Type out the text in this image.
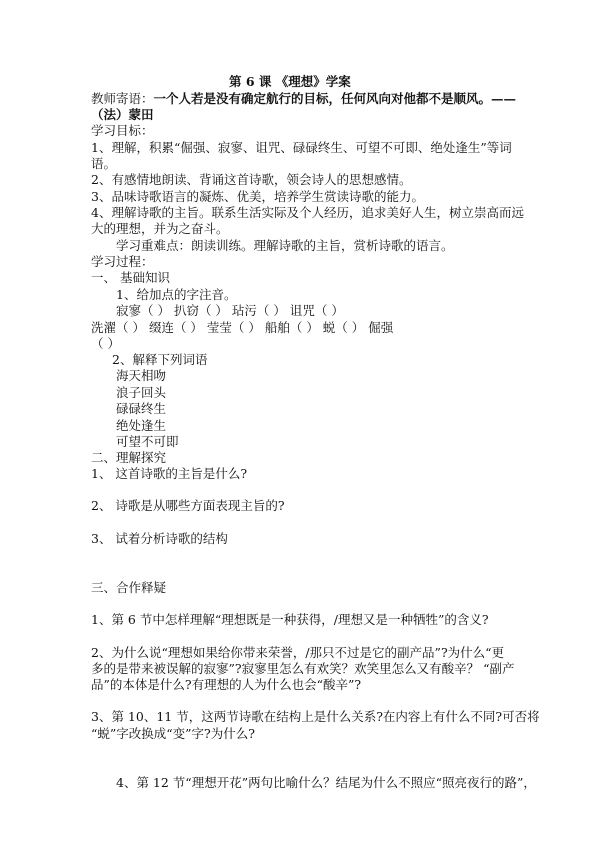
第 6 课 《理想》学案
教师寄语：一个人若是没有确定航行的目标，任何风向对他都不是顺风。——
（法）蒙田
学习目标：
1、理解，积累“倔强、寂寥、诅咒、碌碌终生、可望不可即、绝处逢生”等词
语。
2、有感情地朗读、背诵这首诗歌，领会诗人的思想感情。
3、品味诗歌语言的凝炼、优美，培养学生赏读诗歌的能力。
4、理解诗歌的主旨。联系生活实际及个人经历，追求美好人生，树立崇高而远
大的理想，并为之奋斗。
学习重难点：朗读训练。理解诗歌的主旨，赏析诗歌的语言。
学习过程：
一、 基础知识
1、给加点的字注音。
寂寥（ ） 扒窃（ ） 玷污（ ） 诅咒（ ）
洗濯（ ） 缀连（ ） 莹莹（ ） 船舶（ ） 蜕（ ） 倔强
（ ）
2、解释下列词语
海天相吻
浪子回头
碌碌终生
绝处逢生
可望不可即
二、理解探究
1、 这首诗歌的主旨是什么?
2、 诗歌是从哪些方面表现主旨的?
3、 试着分析诗歌的结构
三、合作释疑
1、第 6 节中怎样理解“理想既是一种获得，/理想又是一种牺牲”的含义?
2、为什么说“理想如果给你带来荣誉，/那只不过是它的副产品”?为什么“更
多的是带来被误解的寂寥”?寂寥里怎么有欢笑？欢笑里怎么又有酸辛？ “副产
品”的本体是什么?有理想的人为什么也会“酸辛”?
3、第 10、11 节，这两节诗歌在结构上是什么关系?在内容上有什么不同?可否将
“蜕”字改换成“变”字?为什么?
4、第 12 节“理想开花”两句比喻什么？结尾为什么不照应“照亮夜行的路”，
